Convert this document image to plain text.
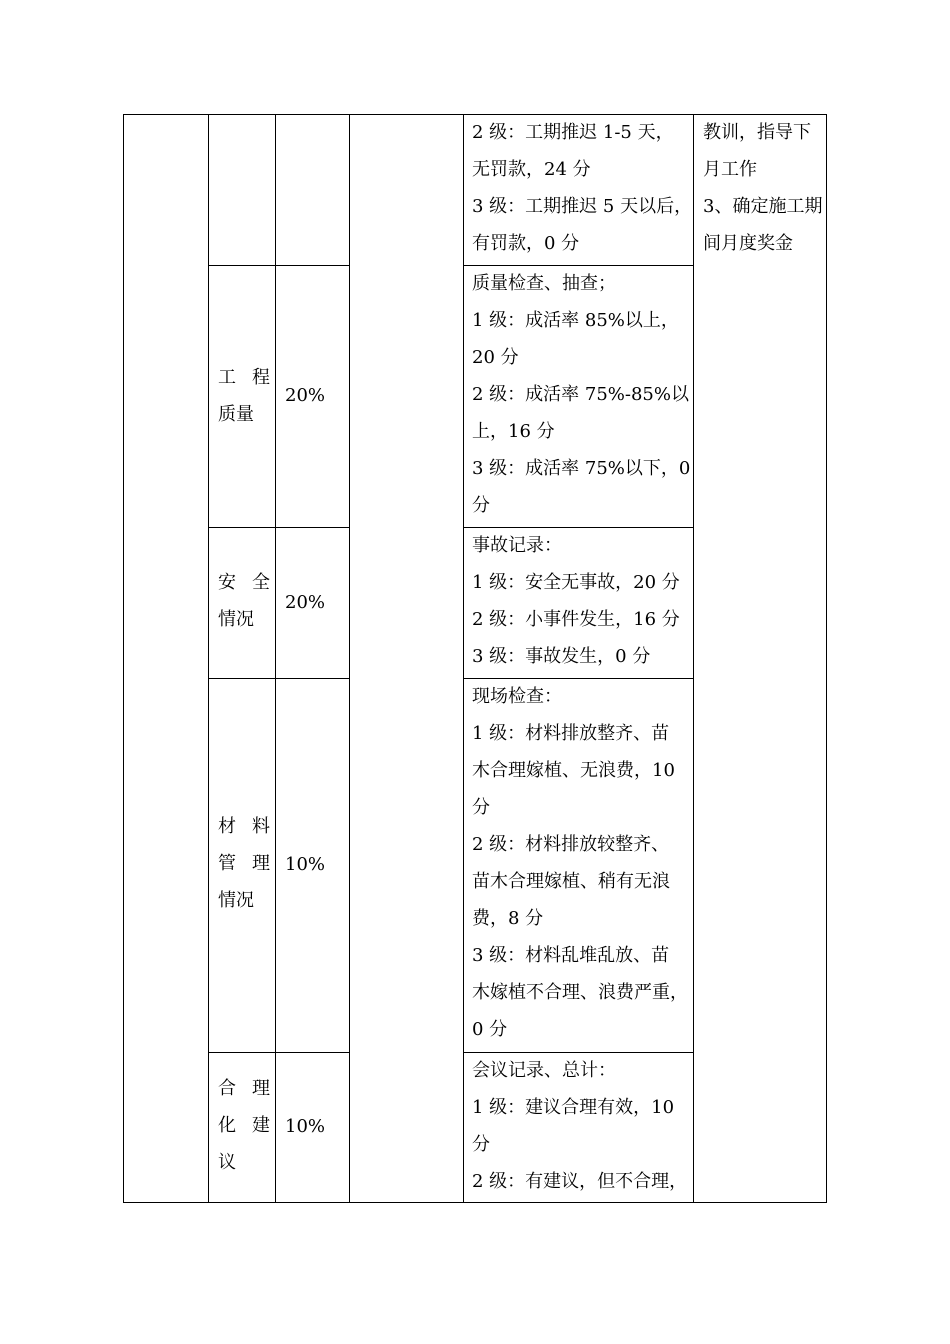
2 级：工期推迟 1-5 天，
无罚款，24 分
3 级：工期推迟 5 天以后，
有罚款，0 分
教训，指导下
月工作
3、确定施工期
间月度奖金
工 程
质量
20%
质量检查、抽查；
1 级：成活率 85%以上，
20 分
2 级：成活率 75%-85%以
上，16 分
3 级：成活率 75%以下，0
分
安 全
情况
20%
事故记录：
1 级：安全无事故，20 分
2 级：小事件发生，16 分
3 级：事故发生，0 分
材 料
管 理
情况
10%
现场检查：
1 级：材料排放整齐、苗
木合理嫁植、无浪费，10
分
2 级：材料排放较整齐、
苗木合理嫁植、稍有无浪
费，8 分
3 级：材料乱堆乱放、苗
木嫁植不合理、浪费严重，
0 分
合 理
化 建
议
10%
会议记录、总计：
1 级：建议合理有效，10
分
2 级：有建议，但不合理，
